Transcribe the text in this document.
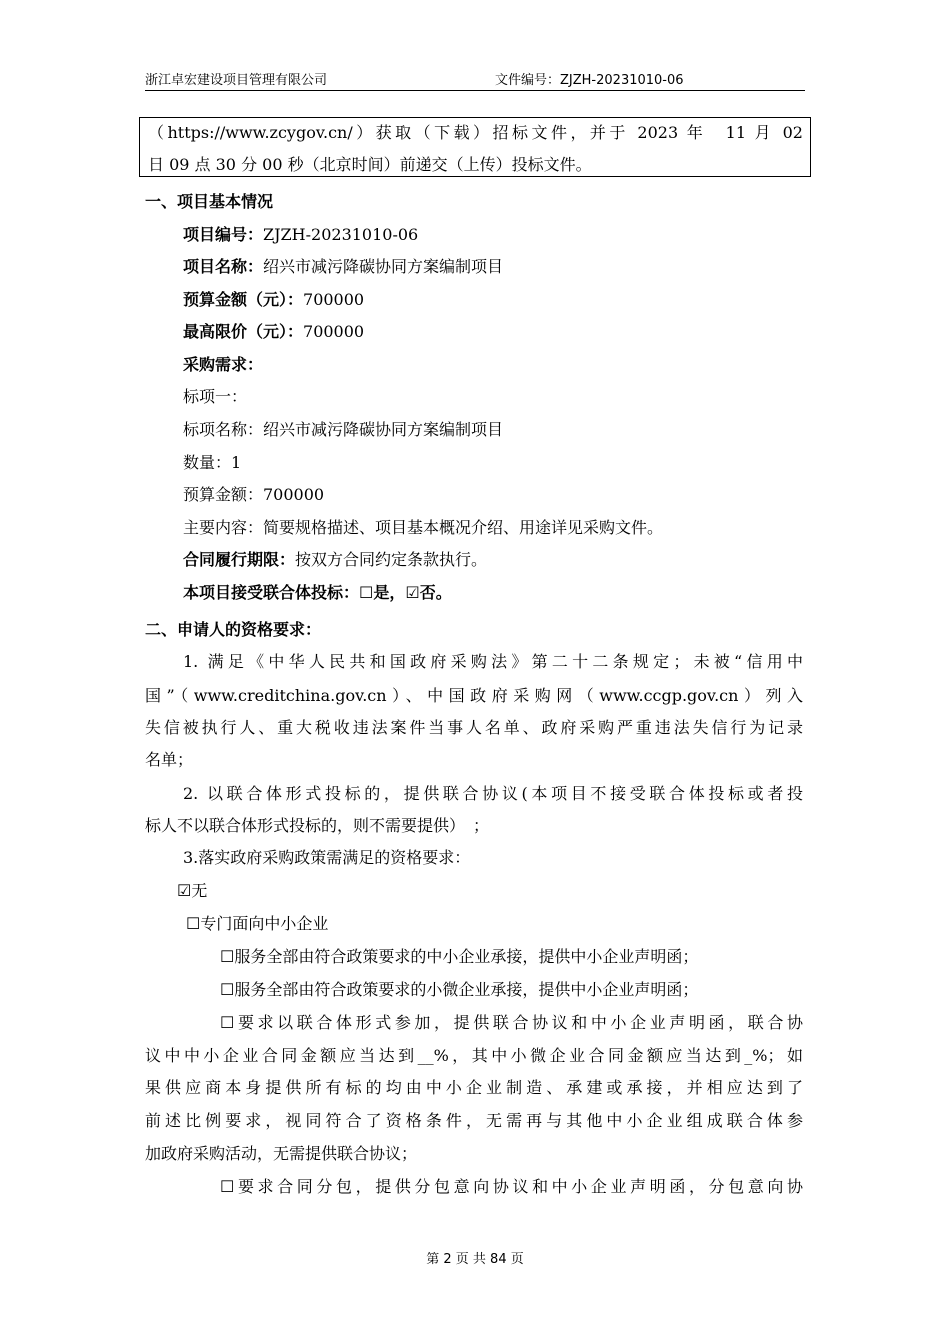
浙江卓宏建设项目管理有限公司	文件编号：ZJZH-20231010-06
（https://www.zcygov.cn/）获取（下载）招标文件，并于 2023 年　11 月 02
日 09 点 30 分 00 秒（北京时间）前递交（上传）投标文件。
一、项目基本情况
项目编号：ZJZH-20231010-06
项目名称：绍兴市减污降碳协同方案编制项目
预算金额（元）：700000
最高限价（元）：700000
采购需求：
标项一：
标项名称：绍兴市减污降碳协同方案编制项目
数量：1
预算金额：700000
主要内容：简要规格描述、项目基本概况介绍、用途详见采购文件。
合同履行期限：按双方合同约定条款执行。
本项目接受联合体投标：☐是，☑否。
二、申请人的资格要求：
1. 满足《中华人民共和国政府采购法》第二十二条规定；未被“信用中
国”（www.creditchina.gov.cn）、中国政府采购网（www.ccgp.gov.cn）列入
失信被执行人、重大税收违法案件当事人名单、政府采购严重违法失信行为记录
名单；
2. 以联合体形式投标的，提供联合协议(本项目不接受联合体投标或者投
标人不以联合体形式投标的，则不需要提供）　；
3.落实政府采购政策需满足的资格要求：
☑无
☐专门面向中小企业
☐服务全部由符合政策要求的中小企业承接，提供中小企业声明函；
☐服务全部由符合政策要求的小微企业承接，提供中小企业声明函；
☐要求以联合体形式参加，提供联合协议和中小企业声明函，联合协
议中中小企业合同金额应当达到__%，其中小微企业合同金额应当达到_%；如
果供应商本身提供所有标的均由中小企业制造、承建或承接，并相应达到了
前述比例要求，视同符合了资格条件，无需再与其他中小企业组成联合体参
加政府采购活动，无需提供联合协议；
☐要求合同分包，提供分包意向协议和中小企业声明函，分包意向协
第 2 页 共 84 页
